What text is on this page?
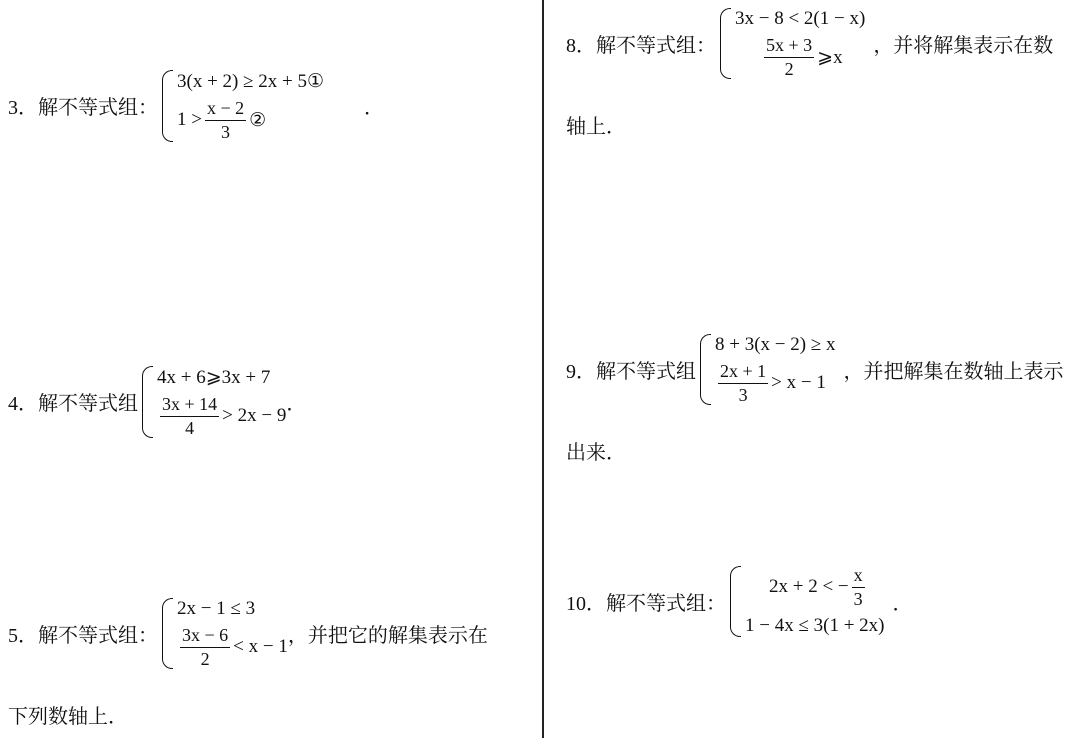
3． 解不等式组：
3(x + 2) ≥ 2x + 5①
$1 > \frac{x - 2}{3}$ ②
．
4． 解不等式组
4x + 6⩾3x + 7
$\frac{3x + 14}{4} > 2x - 9$
．
5． 解不等式组：
2x − 1 ≤ 3
$\frac{3x - 6}{2} < x - 1$ ，并把它的解集表示在
下列数轴上．
8． 解不等式组：
3x − 8 < 2(1 − x)
$\frac{5x + 3}{2}$ ⩾x
，并将解集表示在数
轴上．
9． 解不等式组
8 + 3(x − 2) ≥ x
$\frac{2x + 1}{3} > x - 1$ ，并把解集在数轴上表示
出来．
10． 解不等式组：
2x + 2 < − $\frac{x}{3}$
1 − 4x ≤ 3(1 + 2x)
．
